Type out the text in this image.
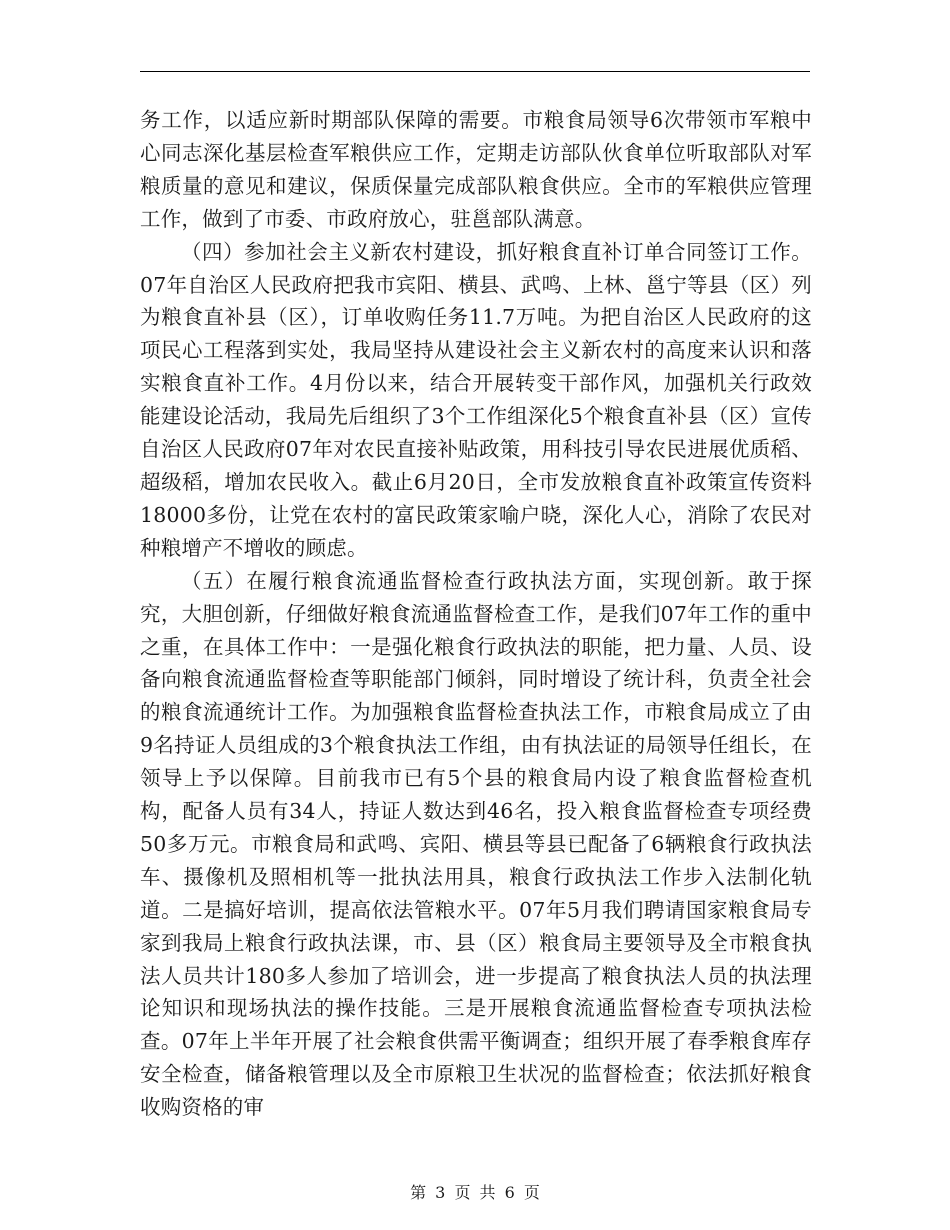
务工作，以适应新时期部队保障的需要。市粮食局领导6次带领市军粮中心同志深化基层检查军粮供应工作，定期走访部队伙食单位听取部队对军粮质量的意见和建议，保质保量完成部队粮食供应。全市的军粮供应管理工作，做到了市委、市政府放心，驻邕部队满意。

（四）参加社会主义新农村建设，抓好粮食直补订单合同签订工作。07年自治区人民政府把我市宾阳、横县、武鸣、上林、邕宁等县（区）列为粮食直补县（区），订单收购任务11.7万吨。为把自治区人民政府的这项民心工程落到实处，我局坚持从建设社会主义新农村的高度来认识和落实粮食直补工作。4月份以来，结合开展转变干部作风，加强机关行政效能建设论活动，我局先后组织了3个工作组深化5个粮食直补县（区）宣传自治区人民政府07年对农民直接补贴政策，用科技引导农民进展优质稻、超级稻，增加农民收入。截止6月20日，全市发放粮食直补政策宣传资料18000多份，让党在农村的富民政策家喻户晓，深化人心，消除了农民对种粮增产不增收的顾虑。

（五）在履行粮食流通监督检查行政执法方面，实现创新。敢于探究，大胆创新，仔细做好粮食流通监督检查工作，是我们07年工作的重中之重，在具体工作中：一是强化粮食行政执法的职能，把力量、人员、设备向粮食流通监督检查等职能部门倾斜，同时增设了统计科，负责全社会的粮食流通统计工作。为加强粮食监督检查执法工作，市粮食局成立了由9名持证人员组成的3个粮食执法工作组，由有执法证的局领导任组长，在领导上予以保障。目前我市已有5个县的粮食局内设了粮食监督检查机构，配备人员有34人，持证人数达到46名，投入粮食监督检查专项经费50多万元。市粮食局和武鸣、宾阳、横县等县已配备了6辆粮食行政执法车、摄像机及照相机等一批执法用具，粮食行政执法工作步入法制化轨道。二是搞好培训，提高依法管粮水平。07年5月我们聘请国家粮食局专家到我局上粮食行政执法课，市、县（区）粮食局主要领导及全市粮食执法人员共计180多人参加了培训会，进一步提高了粮食执法人员的执法理论知识和现场执法的操作技能。三是开展粮食流通监督检查专项执法检查。07年上半年开展了社会粮食供需平衡调查；组织开展了春季粮食库存安全检查，储备粮管理以及全市原粮卫生状况的监督检查；依法抓好粮食收购资格的审

第 3 页 共 6 页
